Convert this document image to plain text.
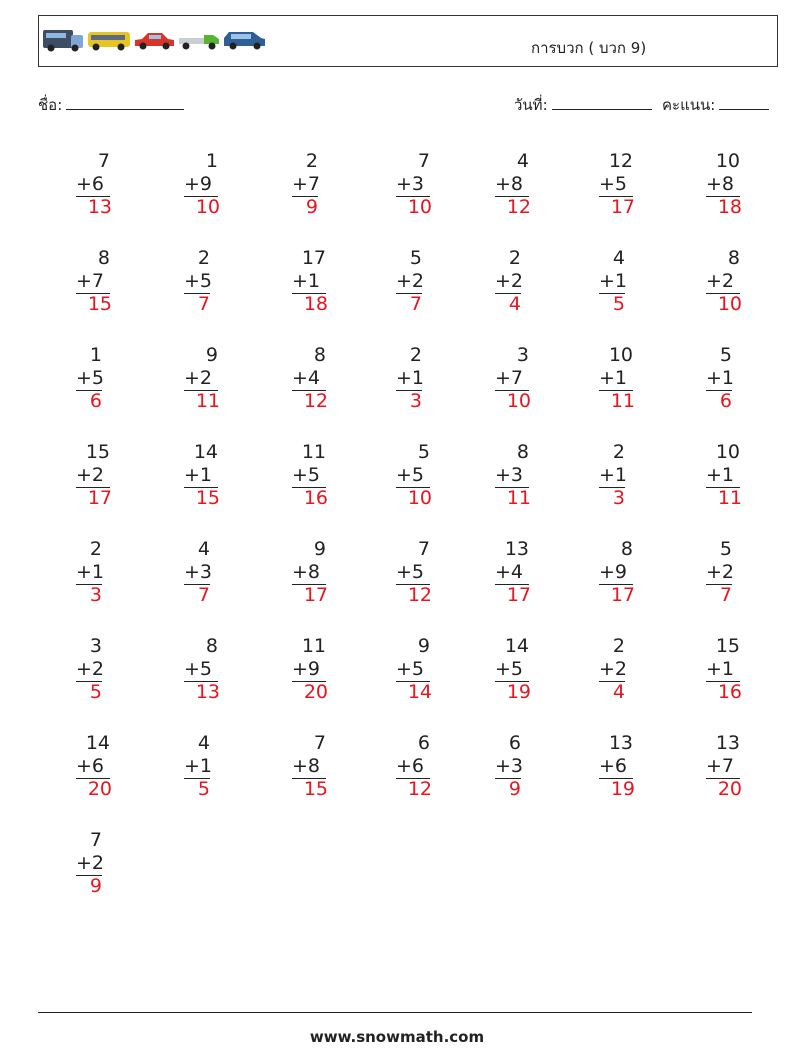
การบวก ( บวก 9)
ชื่อ:	วันที่:	คะแนน:
7
+6
13
1
+9
10
2
+7
9
7
+3
10
4
+8
12
12
+5
17
10
+8
18
8
+7
15
2
+5
7
17
+1
18
5
+2
7
2
+2
4
4
+1
5
8
+2
10
1
+5
6
9
+2
11
8
+4
12
2
+1
3
3
+7
10
10
+1
11
5
+1
6
15
+2
17
14
+1
15
11
+5
16
5
+5
10
8
+3
11
2
+1
3
10
+1
11
2
+1
3
4
+3
7
9
+8
17
7
+5
12
13
+4
17
8
+9
17
5
+2
7
3
+2
5
8
+5
13
11
+9
20
9
+5
14
14
+5
19
2
+2
4
15
+1
16
14
+6
20
4
+1
5
7
+8
15
6
+6
12
6
+3
9
13
+6
19
13
+7
20
7
+2
9
www.snowmath.com
